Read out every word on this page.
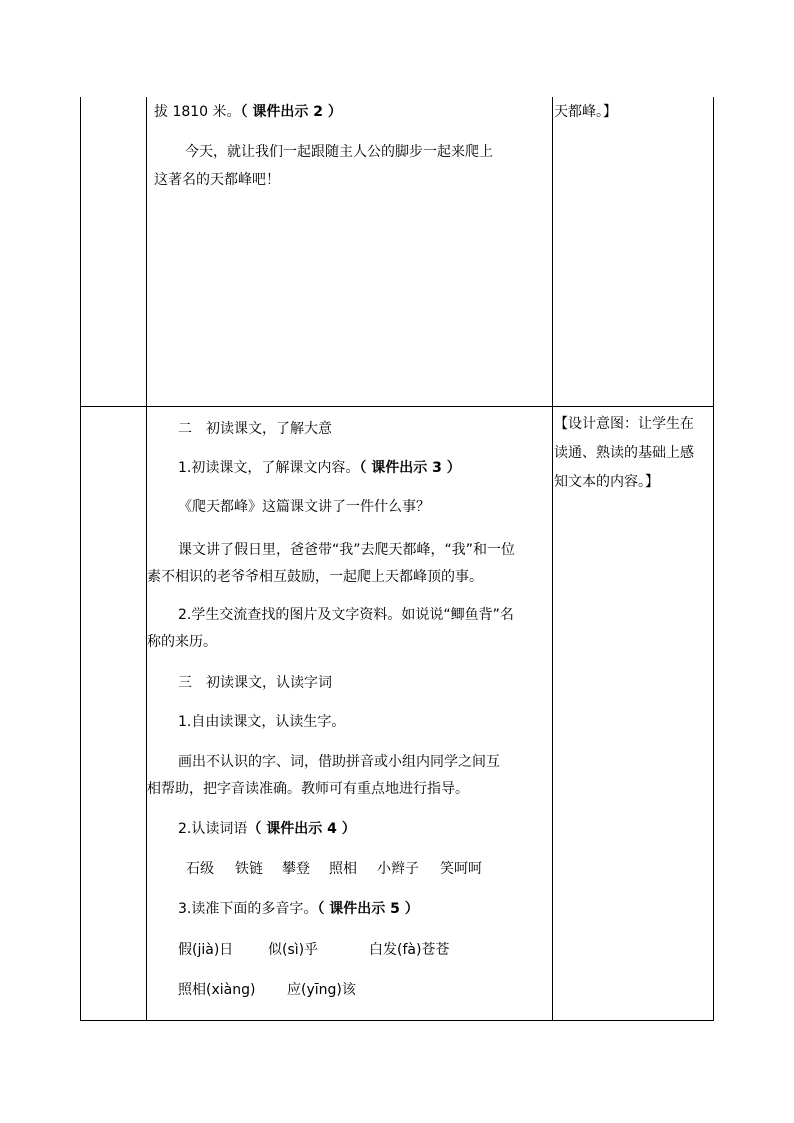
拔 1810 米。（ 课件出示 2 ）
今天，就让我们一起跟随主人公的脚步一起来爬上
这著名的天都峰吧！
天都峰。】
二　初读课文，了解大意
1.初读课文，了解课文内容。（ 课件出示 3 ）
《爬天都峰》这篇课文讲了一件什么事？
课文讲了假日里，爸爸带“我”去爬天都峰，“我”和一位
素不相识的老爷爷相互鼓励，一起爬上天都峰顶的事。
2.学生交流查找的图片及文字资料。如说说“鲫鱼背”名
称的来历。
三　初读课文，认读字词
1.自由读课文，认读生字。
画出不认识的字、词，借助拼音或小组内同学之间互
相帮助，把字音读准确。教师可有重点地进行指导。
2.认读词语（ 课件出示 4 ）
石级 铁链 攀登 照相 小辫子 笑呵呵
3.读准下面的多音字。（ 课件出示 5 ）
假(jià)日 似(sì)乎	白发(fà)苍苍
照相(xiàng) 应(yīng)该
【设计意图：让学生在
读通、熟读的基础上感
知文本的内容。】
